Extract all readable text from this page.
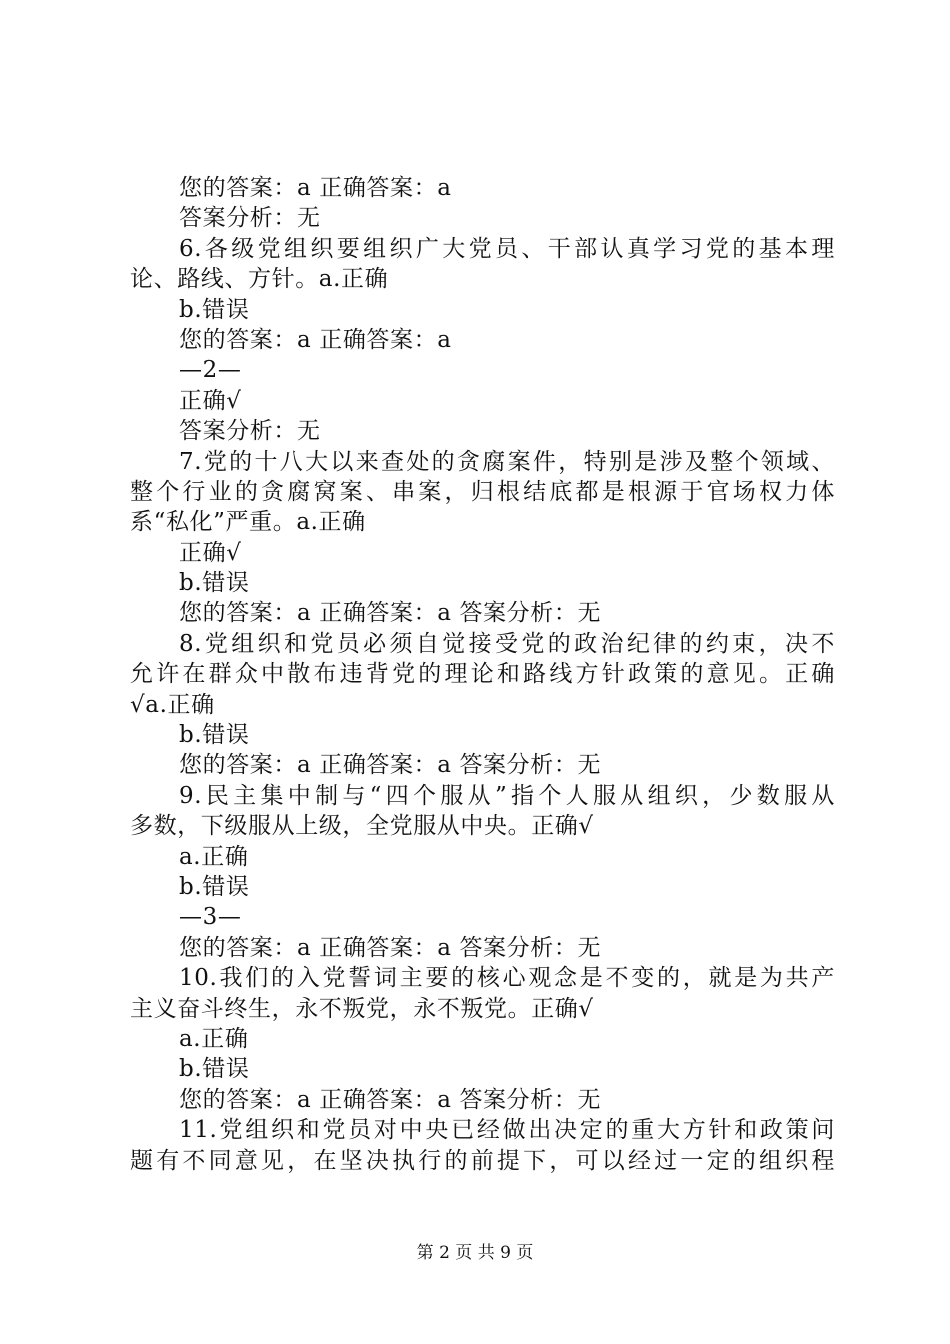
您的答案：a 正确答案：a
答案分析：无
6.各级党组织要组织广大党员、干部认真学习党的基本理
论、路线、方针。a.正确
b.错误
您的答案：a 正确答案：a
—2—
正确√
答案分析：无
7.党的十八大以来查处的贪腐案件，特别是涉及整个领域、
整个行业的贪腐窝案、串案，归根结底都是根源于官场权力体
系“私化”严重。a.正确
正确√
b.错误
您的答案：a 正确答案：a 答案分析：无
8.党组织和党员必须自觉接受党的政治纪律的约束，决不
允许在群众中散布违背党的理论和路线方针政策的意见。正确
√a.正确
b.错误
您的答案：a 正确答案：a 答案分析：无
9.民主集中制与“四个服从”指个人服从组织，少数服从
多数，下级服从上级，全党服从中央。正确√
a.正确
b.错误
—3—
您的答案：a 正确答案：a 答案分析：无
10.我们的入党誓词主要的核心观念是不变的，就是为共产
主义奋斗终生，永不叛党，永不叛党。正确√
a.正确
b.错误
您的答案：a 正确答案：a 答案分析：无
11.党组织和党员对中央已经做出决定的重大方针和政策问
题有不同意见，在坚决执行的前提下，可以经过一定的组织程
第 2 页 共 9 页
